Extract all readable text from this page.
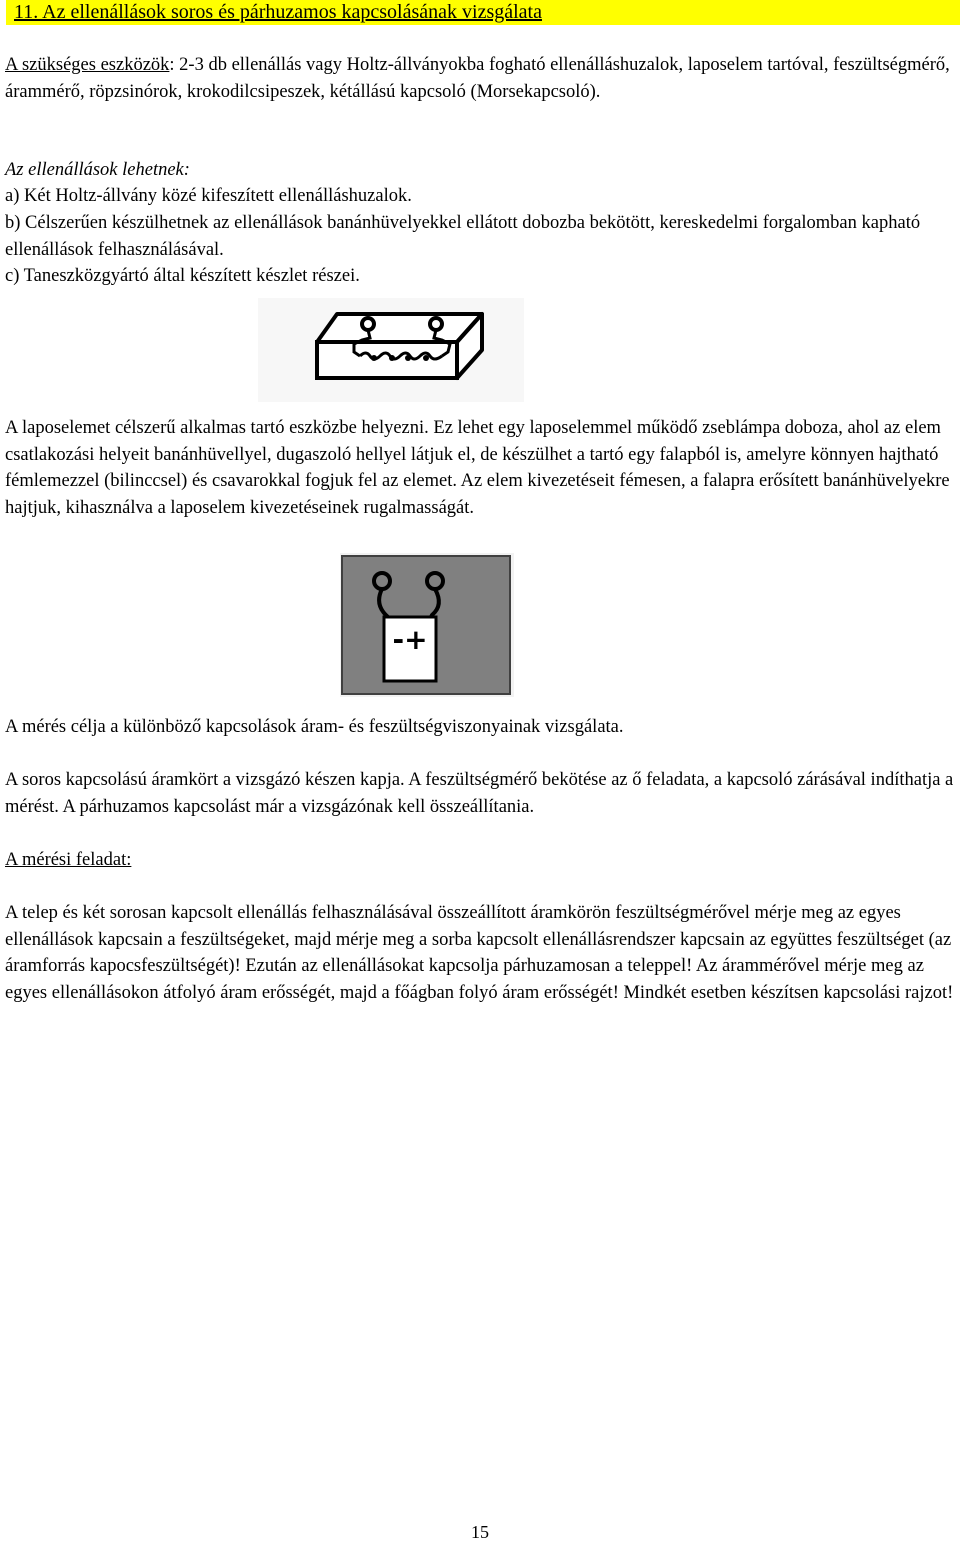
11. Az ellenállások soros és párhuzamos kapcsolásának vizsgálata
A szükséges eszközök: 2-3 db ellenállás vagy Holtz-állványokba fogható ellenálláshuzalok, laposelem tartóval, feszültségmérő, árammérő, röpzsinórok, krokodilcsipeszek, kétállású kapcsoló (Morsekapcsoló).
Az ellenállások lehetnek:
a) Két Holtz-állvány közé kifeszített ellenálláshuzalok.
b) Célszerűen készülhetnek az ellenállások banánhüvelyekkel ellátott dobozba bekötött, kereskedelmi forgalomban kapható ellenállások felhasználásával.
c) Taneszközgyártó által készített készlet részei.
A laposelemet célszerű alkalmas tartó eszközbe helyezni. Ez lehet egy laposelemmel működő zseblámpa doboza, ahol az elem csatlakozási helyeit banánhüvellyel, dugaszoló hellyel látjuk el, de készülhet a tartó egy falapból is, amelyre könnyen hajtható fémlemezzel (bilinccsel) és csavarokkal fogjuk fel az elemet. Az elem kivezetéseit fémesen, a falapra erősített banánhüvelyekre hajtjuk, kihasználva a laposelem kivezetéseinek rugalmasságát.
-+
A mérés célja a különböző kapcsolások áram- és feszültségviszonyainak vizsgálata.
A soros kapcsolású áramkört a vizsgázó készen kapja. A feszültségmérő bekötése az ő feladata, a kapcsoló zárásával indíthatja a mérést. A párhuzamos kapcsolást már a vizsgázónak kell összeállítania.
A mérési feladat:
A telep és két sorosan kapcsolt ellenállás felhasználásával összeállított áramkörön feszültségmérővel mérje meg az egyes ellenállások kapcsain a feszültségeket, majd mérje meg a sorba kapcsolt ellenállásrendszer kapcsain az együttes feszültséget (az áramforrás kapocsfeszültségét)! Ezután az ellenállásokat kapcsolja párhuzamosan a teleppel! Az árammérővel mérje meg az egyes ellenállásokon átfolyó áram erősségét, majd a főágban folyó áram erősségét! Mindkét esetben készítsen kapcsolási rajzot!
15
